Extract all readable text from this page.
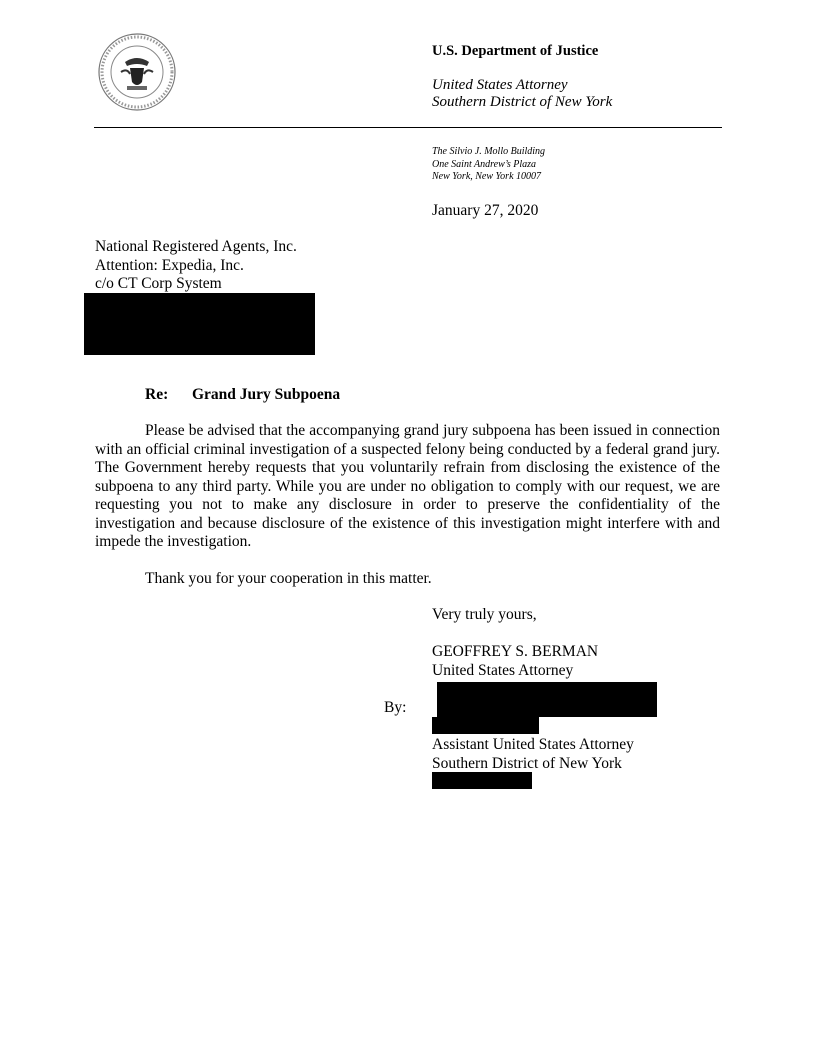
U.S. Department of Justice
United States Attorney
Southern District of New York
The Silvio J. Mollo Building
One Saint Andrew’s Plaza
New York, New York 10007
January 27, 2020
National Registered Agents, Inc.
Attention: Expedia, Inc.
c/o CT Corp System
Re: Grand Jury Subpoena
Please be advised that the accompanying grand jury subpoena has been issued in connection with an official criminal investigation of a suspected felony being conducted by a federal grand jury. The Government hereby requests that you voluntarily refrain from disclosing the existence of the subpoena to any third party. While you are under no obligation to comply with our request, we are requesting you not to make any disclosure in order to preserve the confidentiality of the investigation and because disclosure of the existence of this investigation might interfere with and impede the investigation.
Thank you for your cooperation in this matter.
Very truly yours,
GEOFFREY S. BERMAN
United States Attorney
By:
Assistant United States Attorney
Southern District of New York
